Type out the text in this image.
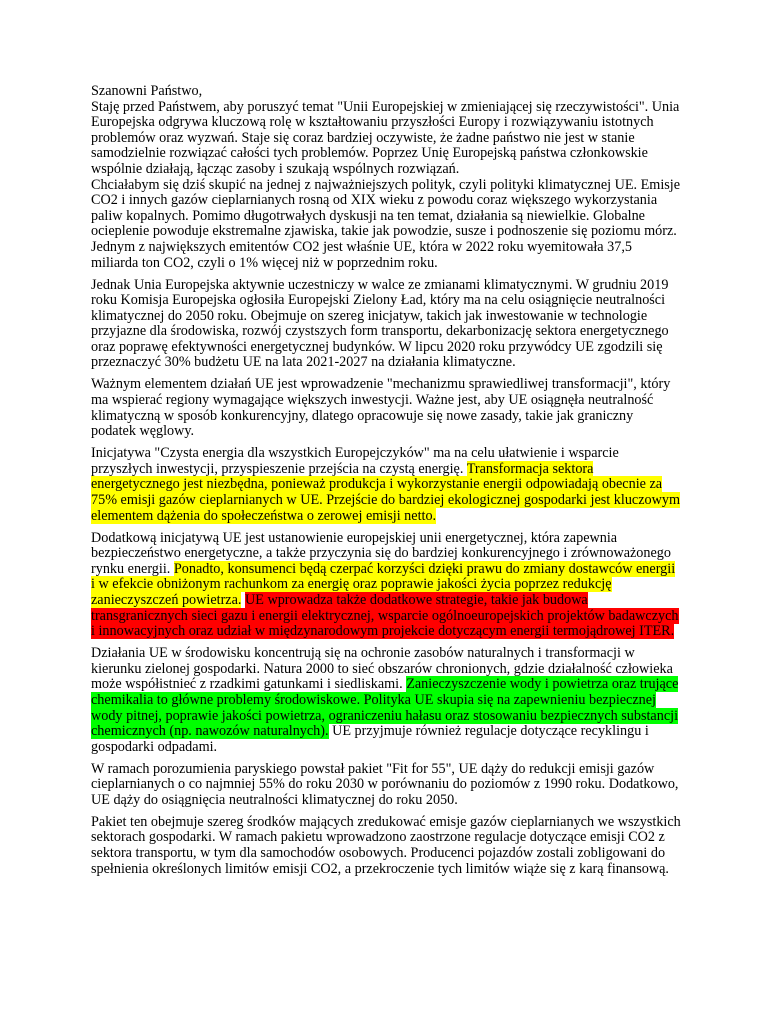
Szanowni Państwo,

Staję przed Państwem, aby poruszyć temat "Unii Europejskiej w zmieniającej się rzeczywistości". Unia Europejska odgrywa kluczową rolę w kształtowaniu przyszłości Europy i rozwiązywaniu istotnych problemów oraz wyzwań. Staje się coraz bardziej oczywiste, że żadne państwo nie jest w stanie samodzielnie rozwiązać całości tych problemów. Poprzez Unię Europejską państwa członkowskie wspólnie działają, łącząc zasoby i szukają wspólnych rozwiązań.

Chciałabym się dziś skupić na jednej z najważniejszych polityk, czyli polityki klimatycznej UE. Emisje CO2 i innych gazów cieplarnianych rosną od XIX wieku z powodu coraz większego wykorzystania paliw kopalnych. Pomimo długotrwałych dyskusji na ten temat, działania są niewielkie. Globalne ocieplenie powoduje ekstremalne zjawiska, takie jak powodzie, susze i podnoszenie się poziomu mórz. Jednym z największych emitentów CO2 jest właśnie UE, która w 2022 roku wyemitowała 37,5 miliarda ton CO2, czyli o 1% więcej niż w poprzednim roku.

Jednak Unia Europejska aktywnie uczestniczy w walce ze zmianami klimatycznymi. W grudniu 2019 roku Komisja Europejska ogłosiła Europejski Zielony Ład, który ma na celu osiągnięcie neutralności klimatycznej do 2050 roku. Obejmuje on szereg inicjatyw, takich jak inwestowanie w technologie przyjazne dla środowiska, rozwój czystszych form transportu, dekarbonizację sektora energetycznego oraz poprawę efektywności energetycznej budynków. W lipcu 2020 roku przywódcy UE zgodzili się przeznaczyć 30% budżetu UE na lata 2021-2027 na działania klimatyczne.

Ważnym elementem działań UE jest wprowadzenie "mechanizmu sprawiedliwej transformacji", który ma wspierać regiony wymagające większych inwestycji. Ważne jest, aby UE osiągnęła neutralność klimatyczną w sposób konkurencyjny, dlatego opracowuje się nowe zasady, takie jak graniczny podatek węglowy.

Inicjatywa "Czysta energia dla wszystkich Europejczyków" ma na celu ułatwienie i wsparcie przyszłych inwestycji, przyspieszenie przejścia na czystą energię. Transformacja sektora energetycznego jest niezbędna, ponieważ produkcja i wykorzystanie energii odpowiadają obecnie za 75% emisji gazów cieplarnianych w UE. Przejście do bardziej ekologicznej gospodarki jest kluczowym elementem dążenia do społeczeństwa o zerowej emisji netto.

Dodatkową inicjatywą UE jest ustanowienie europejskiej unii energetycznej, która zapewnia bezpieczeństwo energetyczne, a także przyczynia się do bardziej konkurencyjnego i zrównoważonego rynku energii. Ponadto, konsumenci będą czerpać korzyści dzięki prawu do zmiany dostawców energii i w efekcie obniżonym rachunkom za energię oraz poprawie jakości życia poprzez redukcję zanieczyszczeń powietrza. UE wprowadza także dodatkowe strategie, takie jak budowa transgranicznych sieci gazu i energii elektrycznej, wsparcie ogólnoeuropejskich projektów badawczych i innowacyjnych oraz udział w międzynarodowym projekcie dotyczącym energii termojądrowej ITER.

Działania UE w środowisku koncentrują się na ochronie zasobów naturalnych i transformacji w kierunku zielonej gospodarki. Natura 2000 to sieć obszarów chronionych, gdzie działalność człowieka może współistnieć z rzadkimi gatunkami i siedliskami. Zanieczyszczenie wody i powietrza oraz trujące chemikalia to główne problemy środowiskowe. Polityka UE skupia się na zapewnieniu bezpiecznej wody pitnej, poprawie jakości powietrza, ograniczeniu hałasu oraz stosowaniu bezpiecznych substancji chemicznych (np. nawozów naturalnych). UE przyjmuje również regulacje dotyczące recyklingu i gospodarki odpadami.

W ramach porozumienia paryskiego powstał pakiet "Fit for 55", UE dąży do redukcji emisji gazów cieplarnianych o co najmniej 55% do roku 2030 w porównaniu do poziomów z 1990 roku. Dodatkowo, UE dąży do osiągnięcia neutralności klimatycznej do roku 2050.

Pakiet ten obejmuje szereg środków mających zredukować emisje gazów cieplarnianych we wszystkich sektorach gospodarki. W ramach pakietu wprowadzono zaostrzone regulacje dotyczące emisji CO2 z sektora transportu, w tym dla samochodów osobowych. Producenci pojazdów zostali zobligowani do spełnienia określonych limitów emisji CO2, a przekroczenie tych limitów wiąże się z karą finansową.
